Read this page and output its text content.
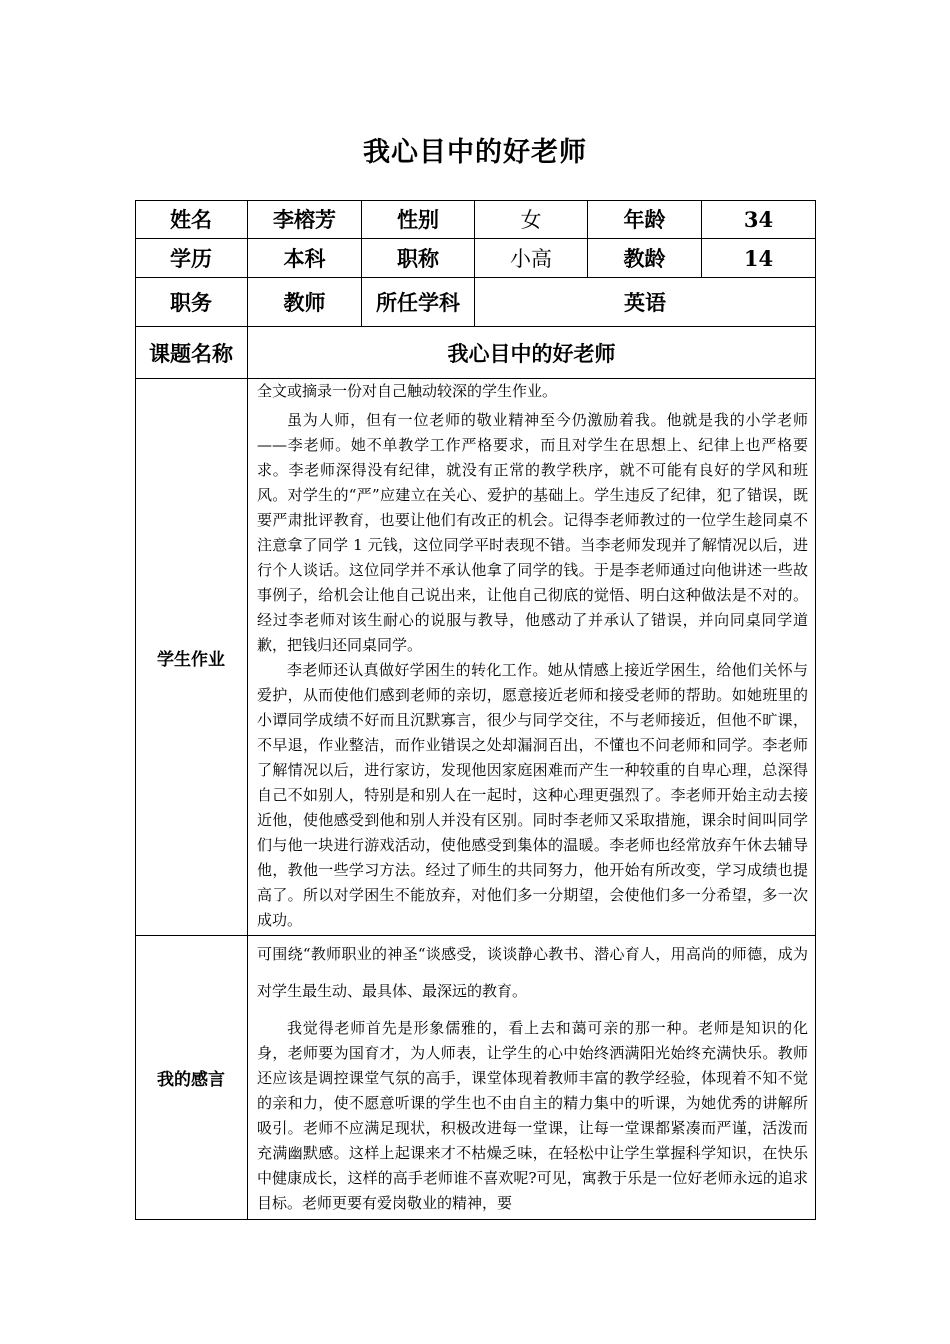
我心目中的好老师
姓名	李榕芳	性别	女	年龄	34
学历	本科	职称	小高	教龄	14
职务	教师	所任学科	英语
课题名称	我心目中的好老师
学生作业

全文或摘录一份对自己触动较深的学生作业。

虽为人师，但有一位老师的敬业精神至今仍激励着我。他就是我的小学老师——李老师。她不单教学工作严格要求，而且对学生在思想上、纪律上也严格要求。李老师深得没有纪律，就没有正常的教学秩序，就不可能有良好的学风和班风。对学生的“严”应建立在关心、爱护的基础上。学生违反了纪律，犯了错误，既要严肃批评教育，也要让他们有改正的机会。记得李老师教过的一位学生趁同桌不注意拿了同学 1 元钱，这位同学平时表现不错。当李老师发现并了解情况以后，进行个人谈话。这位同学并不承认他拿了同学的钱。于是李老师通过向他讲述一些故事例子，给机会让他自己说出来，让他自己彻底的觉悟、明白这种做法是不对的。经过李老师对该生耐心的说服与教导，他感动了并承认了错误，并向同桌同学道歉，把钱归还同桌同学。

李老师还认真做好学困生的转化工作。她从情感上接近学困生，给他们关怀与爱护，从而使他们感到老师的亲切，愿意接近老师和接受老师的帮助。如她班里的小谭同学成绩不好而且沉默寡言，很少与同学交往，不与老师接近，但他不旷课，不早退，作业整洁，而作业错误之处却漏洞百出，不懂也不问老师和同学。李老师了解情况以后，进行家访，发现他因家庭困难而产生一种较重的自卑心理，总深得自己不如别人，特别是和别人在一起时，这种心理更强烈了。李老师开始主动去接近他，使他感受到他和别人并没有区别。同时李老师又采取措施，课余时间叫同学们与他一块进行游戏活动，使他感受到集体的温暖。李老师也经常放弃午休去辅导他，教他一些学习方法。经过了师生的共同努力，他开始有所改变，学习成绩也提高了。所以对学困生不能放弃，对他们多一分期望，会使他们多一分希望，多一次成功。

我的感言

可围绕“教师职业的神圣“谈感受，谈谈静心教书、潜心育人，用高尚的师德，成为对学生最生动、最具体、最深远的教育。

我觉得老师首先是形象儒雅的，看上去和蔼可亲的那一种。老师是知识的化身，老师要为国育才，为人师表，让学生的心中始终洒满阳光始终充满快乐。教师还应该是调控课堂气氛的高手，课堂体现着教师丰富的教学经验，体现着不知不觉的亲和力，使不愿意听课的学生也不由自主的精力集中的听课，为她优秀的讲解所吸引。老师不应满足现状，积极改进每一堂课，让每一堂课都紧凑而严谨，活泼而充满幽默感。这样上起课来才不枯燥乏味，在轻松中让学生掌握科学知识，在快乐中健康成长，这样的高手老师谁不喜欢呢?可见，寓教于乐是一位好老师永远的追求目标。老师更要有爱岗敬业的精神，要
